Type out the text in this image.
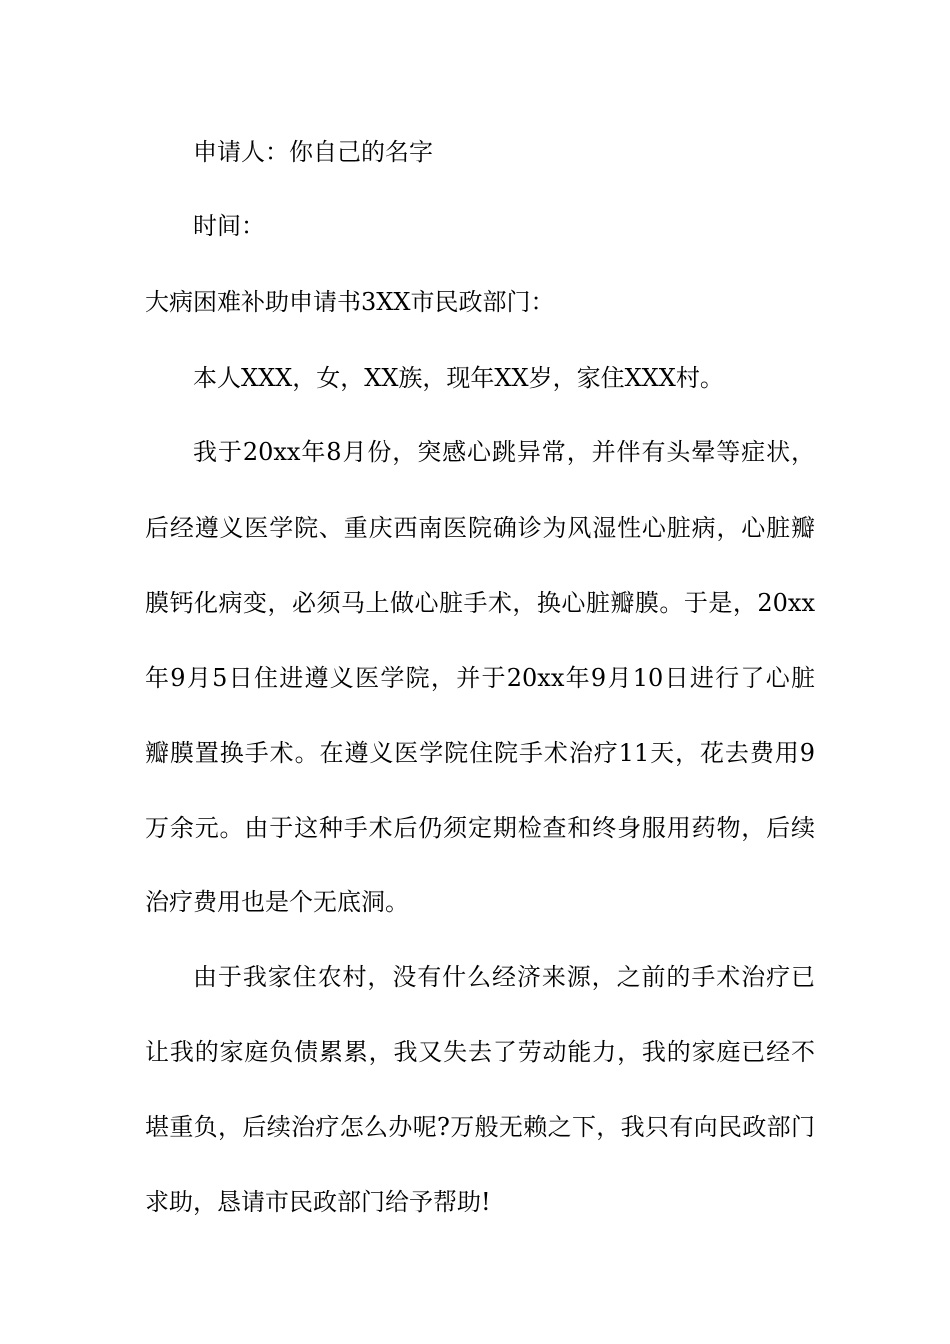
申请人：你自己的名字
时间：
大病困难补助申请书3XX市民政部门：
本人XXX，女，XX族，现年XX岁，家住XXX村。
我于20xx年8月份，突感心跳异常，并伴有头晕等症状，
后经遵义医学院、重庆西南医院确诊为风湿性心脏病，心脏瓣
膜钙化病变，必须马上做心脏手术，换心脏瓣膜。于是，20xx
年9月5日住进遵义医学院，并于20xx年9月10日进行了心脏
瓣膜置换手术。在遵义医学院住院手术治疗11天，花去费用9
万余元。由于这种手术后仍须定期检查和终身服用药物，后续
治疗费用也是个无底洞。
由于我家住农村，没有什么经济来源，之前的手术治疗已
让我的家庭负债累累，我又失去了劳动能力，我的家庭已经不
堪重负，后续治疗怎么办呢?万般无赖之下，我只有向民政部门
求助，恳请市民政部门给予帮助!
